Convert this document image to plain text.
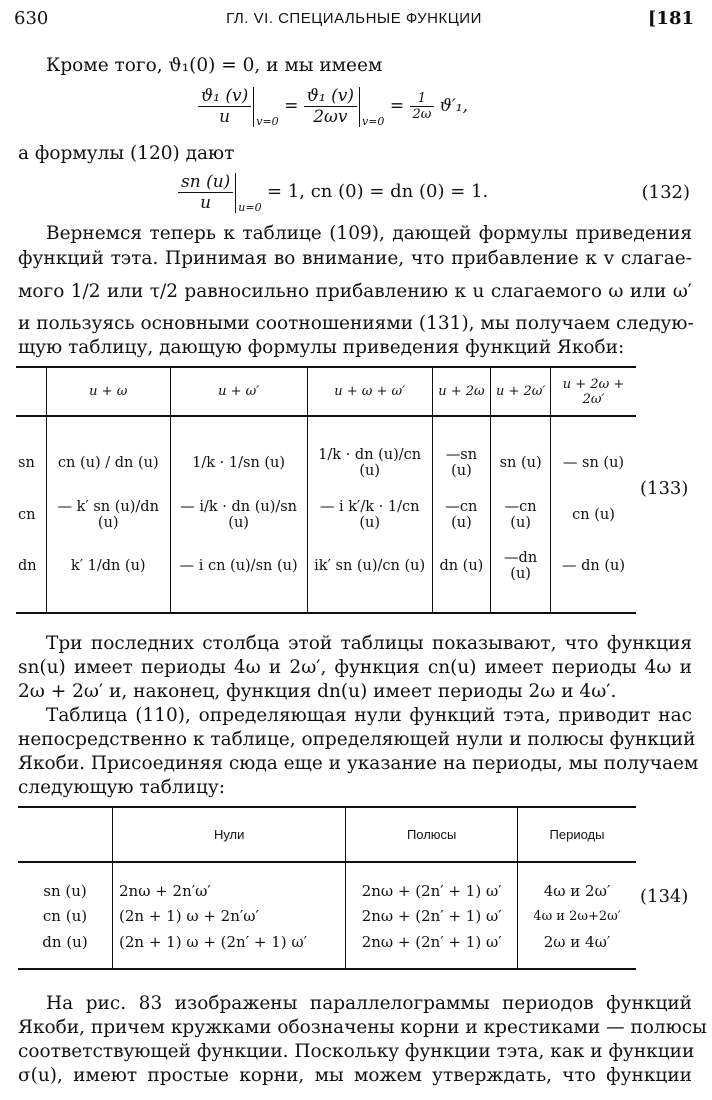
630	ГЛ. VI. СПЕЦИАЛЬНЫЕ ФУНКЦИИ	[181
Кроме того, ϑ₁(0) = 0, и мы имеем
$\frac{\text{ϑ₁ (v)}}{u} _{v=0} = \frac{\text{ϑ₁ (v)}}{2\omega v} _{v=0} = \frac{1}{2\omega} ϑ'_1$,
а формулы (120) дают
$\frac{sn (u)}{u} _{u=0} = 1$, cn (0) = dn (0) = 1.	(132)
Вернемся теперь к таблице (109), дающей формулы приведения
функций тэта. Принимая во внимание, что прибавление к v слагае-
мого 1/2 или τ/2 равносильно прибавлению к u слагаемого ω или ω′
и пользуясь основными соотношениями (131), мы получаем следую-
щую таблицу, дающую формулы приведения функций Якоби:
	u + ω	u + ω′	u + ω + ω′	u + 2ω	u + 2ω′	u + 2ω + 2ω′

sn	cn (u) / dn (u)	1/k · 1/sn (u)	1/k · dn (u)/cn (u)	—sn (u)	sn (u)	— sn (u)
cn	— k′ sn (u)/dn (u)	— i/k · dn (u)/sn (u)	— i k′/k · 1/cn (u)	—cn (u)	—cn (u)	cn (u)
dn	k′ 1/dn (u)	— i cn (u)/sn (u)	ik′ sn (u)/cn (u)	dn (u)	—dn (u)	— dn (u)

(133)
Три последних столбца этой таблицы показывают, что функция
sn(u) имеет периоды 4ω и 2ω′, функция cn(u) имеет периоды 4ω и
2ω + 2ω′ и, наконец, функция dn(u) имеет периоды 2ω и 4ω′.
Таблица (110), определяющая нули функций тэта, приводит нас
непосредственно к таблице, определяющей нули и полюсы функций
Якоби. Присоединяя сюда еще и указание на периоды, мы получаем
следующую таблицу:
	Нули	Полюсы	Периоды

sn (u)	2nω + 2n′ω′	2nω + (2n′ + 1) ω′	4ω и 2ω′
cn (u)	(2n + 1) ω + 2n′ω′	2nω + (2n′ + 1) ω′	4ω и 2ω+2ω′
dn (u)	(2n + 1) ω + (2n′ + 1) ω′	2nω + (2n′ + 1) ω′	2ω и 4ω′

(134)
На рис. 83 изображены параллелограммы периодов функций
Якоби, причем кружками обозначены корни и крестиками — полюсы
соответствующей функции. Поскольку функции тэта, как и функции
σ(u), имеют простые корни, мы можем утверждать, что функции
